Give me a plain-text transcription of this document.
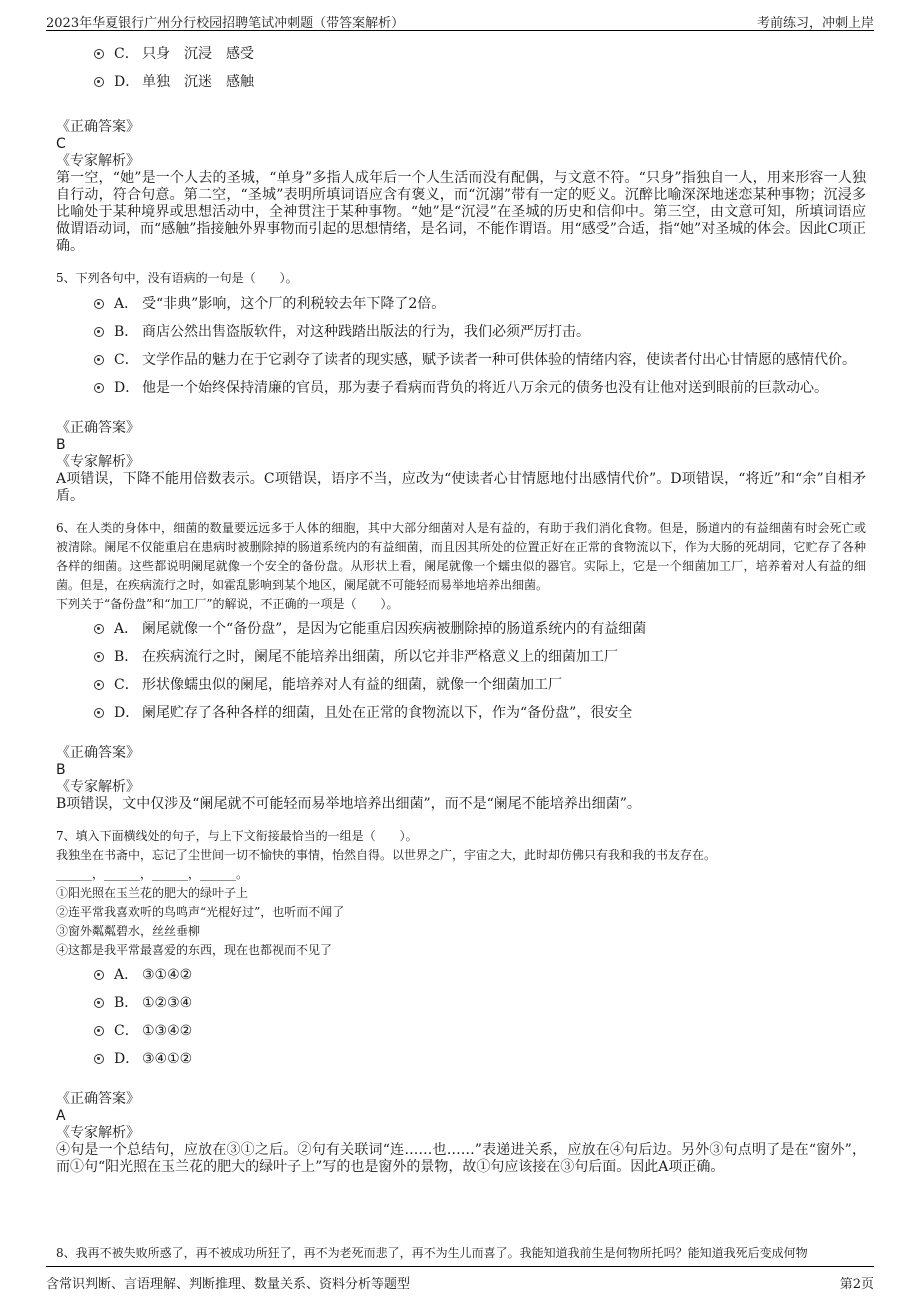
2023年华夏银行广州分行校园招聘笔试冲刺题（带答案解析）	考前练习，冲刺上岸
C． 只身　沉浸　感受
D． 单独　沉迷　感触
《正确答案》
C
《专家解析》
第一空，“她”是一个人去的圣城，“单身”多指人成年后一个人生活而没有配偶，与文意不符。“只身”指独自一人，用来形容一人独自行动，符合句意。第二空，“圣城”表明所填词语应含有褒义，而“沉溺”带有一定的贬义。沉醉比喻深深地迷恋某种事物；沉浸多比喻处于某种境界或思想活动中，全神贯注于某种事物。“她”是“沉浸”在圣城的历史和信仰中。第三空，由文意可知，所填词语应做谓语动词，而“感触”指接触外界事物而引起的思想情绪，是名词，不能作谓语。用“感受”合适，指“她”对圣城的体会。因此C项正确。
5、下列各句中，没有语病的一句是（　　）。
A． 受“非典”影响，这个厂的利税较去年下降了2倍。
B． 商店公然出售盗版软件，对这种践踏出版法的行为，我们必须严厉打击。
C． 文学作品的魅力在于它剥夺了读者的现实感，赋予读者一种可供体验的情绪内容，使读者付出心甘情愿的感情代价。
D． 他是一个始终保持清廉的官员，那为妻子看病而背负的将近八万余元的债务也没有让他对送到眼前的巨款动心。
《正确答案》
B
《专家解析》
A项错误，下降不能用倍数表示。C项错误，语序不当，应改为“使读者心甘情愿地付出感情代价”。D项错误，“将近”和“余”自相矛盾。
6、在人类的身体中，细菌的数量要远远多于人体的细胞，其中大部分细菌对人是有益的，有助于我们消化食物。但是，肠道内的有益细菌有时会死亡或被清除。阑尾不仅能重启在患病时被删除掉的肠道系统内的有益细菌，而且因其所处的位置正好在正常的食物流以下，作为大肠的死胡同，它贮存了各种各样的细菌。这些都说明阑尾就像一个安全的备份盘。从形状上看，阑尾就像一个蠕虫似的器官。实际上，它是一个细菌加工厂，培养着对人有益的细菌。但是，在疾病流行之时，如霍乱影响到某个地区，阑尾就不可能轻而易举地培养出细菌。
下列关于“备份盘”和“加工厂”的解说，不正确的一项是（　　）。
A． 阑尾就像一个“备份盘”，是因为它能重启因疾病被删除掉的肠道系统内的有益细菌
B． 在疾病流行之时，阑尾不能培养出细菌，所以它并非严格意义上的细菌加工厂
C． 形状像蠕虫似的阑尾，能培养对人有益的细菌，就像一个细菌加工厂
D． 阑尾贮存了各种各样的细菌，且处在正常的食物流以下，作为“备份盘”，很安全
《正确答案》
B
《专家解析》
B项错误，文中仅涉及“阑尾就不可能轻而易举地培养出细菌”，而不是“阑尾不能培养出细菌”。
7、填入下面横线处的句子，与上下文衔接最恰当的一组是（　　）。
我独坐在书斋中，忘记了尘世间一切不愉快的事情，怡然自得。以世界之广，宇宙之大，此时却仿佛只有我和我的书友存在。
______，______，______，______。
①阳光照在玉兰花的肥大的绿叶子上
②连平常我喜欢听的鸟鸣声“光棍好过”，也听而不闻了
③窗外粼粼碧水，丝丝垂柳
④这都是我平常最喜爱的东西，现在也都视而不见了
A． ③①④②
B． ①②③④
C． ①③④②
D． ③④①②
《正确答案》
A
《专家解析》
④句是一个总结句，应放在③①之后。②句有关联词“连……也……”表递进关系，应放在④句后边。另外③句点明了是在“窗外”，而①句“阳光照在玉兰花的肥大的绿叶子上”写的也是窗外的景物，故①句应该接在③句后面。因此A项正确。
8、我再不被失败所惑了，再不被成功所狂了，再不为老死而悲了，再不为生儿而喜了。我能知道我前生是何物所托吗？能知道我死后变成何物
含常识判断、言语理解、判断推理、数量关系、资料分析等题型	第2页
